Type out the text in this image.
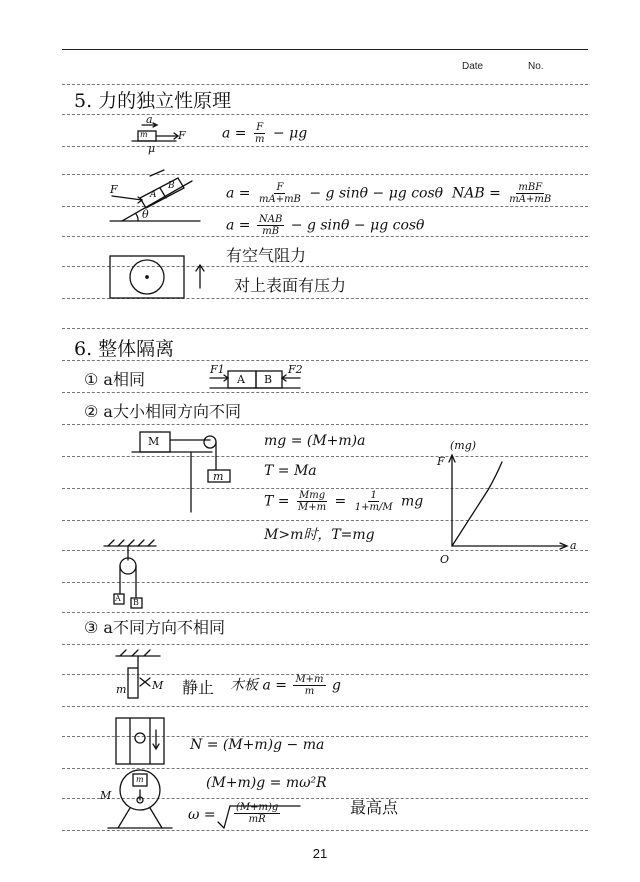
Date	No.
5. 力的独立性原理
a
F
m
μ
$a = \frac{F}{m} - \mu g$
F	A
B
θ
$a = \frac{F}{mA+mB} - g$ sinθ − μg cosθ NAB = $\frac{\text{mBF}}{mA+mB}$
$a = \frac{\text{NAB}}{mB} - g$ sinθ − μg cosθ
有空气阻力
对上表面有压力
6. 整体隔离
① a相同
F1	F2
A B
② a大小相同方向不同
M
m
mg = (M+m)a
T = Ma
$T = \frac{\text{Mmg}}{M+m} = \frac{1}{1+m/M}$ mg
M>m时，T=mg
(mg)
F
a
O
A B
③ a不同方向不相同
m M 静止 木板 $a = \frac{M+m}{m}$ g
N = (M+m)g − ma
M
m	(M+m)g = mω²R
$\omega = \frac{(M+m)g}{mR}$	最高点
21
